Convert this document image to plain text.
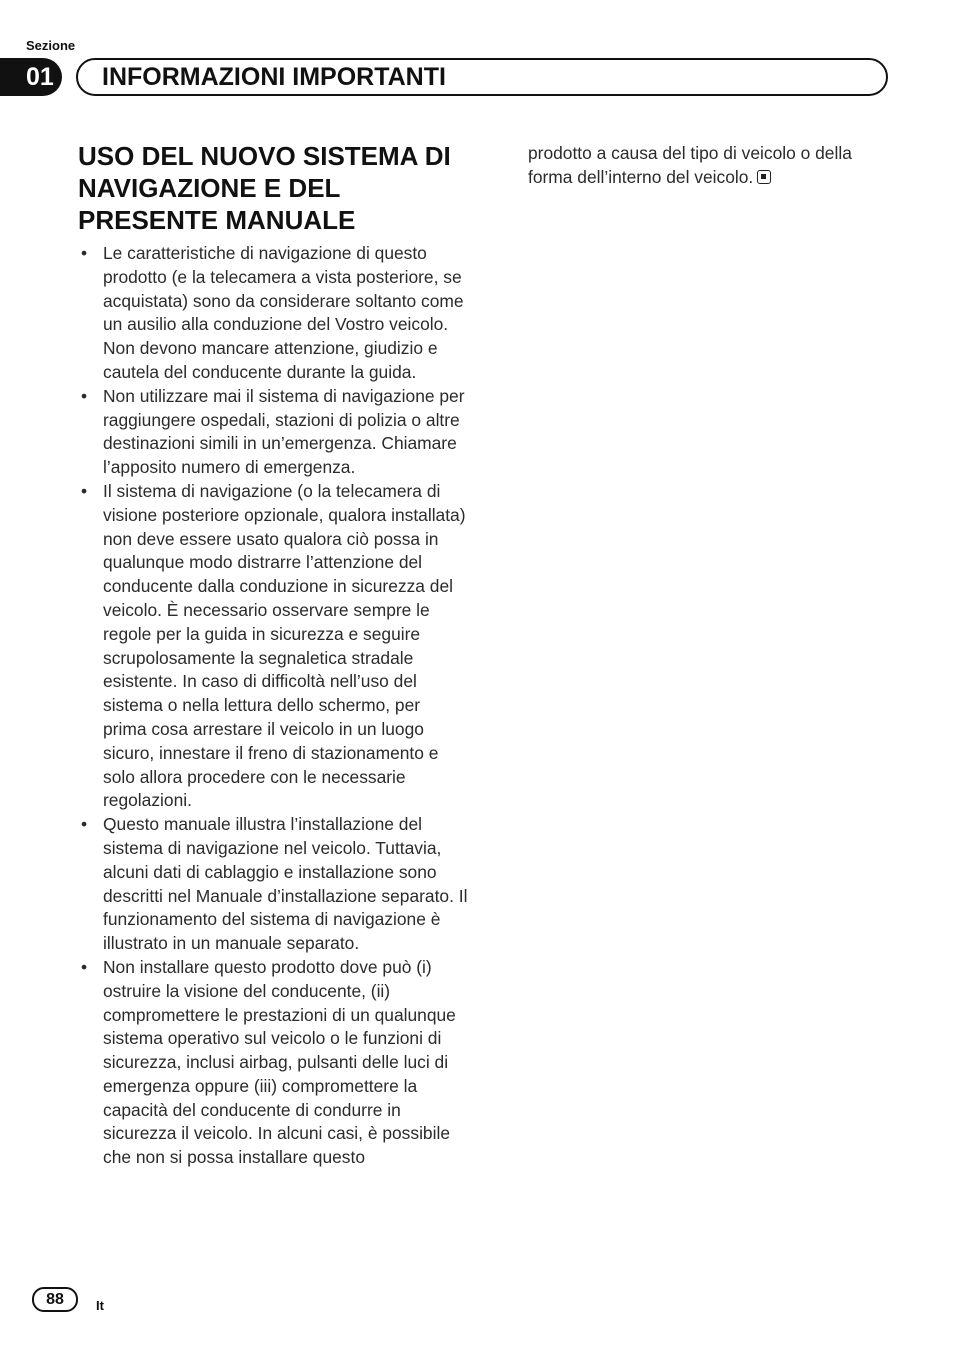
Sezione
01	INFORMAZIONI IMPORTANTI
USO DEL NUOVO SISTEMA DI NAVIGAZIONE E DEL PRESENTE MANUALE
• Le caratteristiche di navigazione di questo prodotto (e la telecamera a vista posteriore, se acquistata) sono da considerare soltanto come un ausilio alla conduzione del Vostro veicolo. Non devono mancare attenzione, giudizio e cautela del conducente durante la guida.
• Non utilizzare mai il sistema di navigazione per raggiungere ospedali, stazioni di polizia o altre destinazioni simili in un’emergenza. Chiamare l’apposito numero di emergenza.
• Il sistema di navigazione (o la telecamera di visione posteriore opzionale, qualora installata) non deve essere usato qualora ciò possa in qualunque modo distrarre l’attenzione del conducente dalla conduzione in sicurezza del veicolo. È necessario osservare sempre le regole per la guida in sicurezza e seguire scrupolosamente la segnaletica stradale esistente. In caso di difficoltà nell’uso del sistema o nella lettura dello schermo, per prima cosa arrestare il veicolo in un luogo sicuro, innestare il freno di stazionamento e solo allora procedere con le necessarie regolazioni.
• Questo manuale illustra l’installazione del sistema di navigazione nel veicolo. Tuttavia, alcuni dati di cablaggio e installazione sono descritti nel Manuale d’installazione separato. Il funzionamento del sistema di navigazione è illustrato in un manuale separato.
• Non installare questo prodotto dove può (i) ostruire la visione del conducente, (ii) compromettere le prestazioni di un qualunque sistema operativo sul veicolo o le funzioni di sicurezza, inclusi airbag, pulsanti delle luci di emergenza oppure (iii) compromettere la capacità del conducente di condurre in sicurezza il veicolo. In alcuni casi, è possibile che non si possa installare questo

prodotto a causa del tipo di veicolo o della forma dell’interno del veicolo.

88	It
